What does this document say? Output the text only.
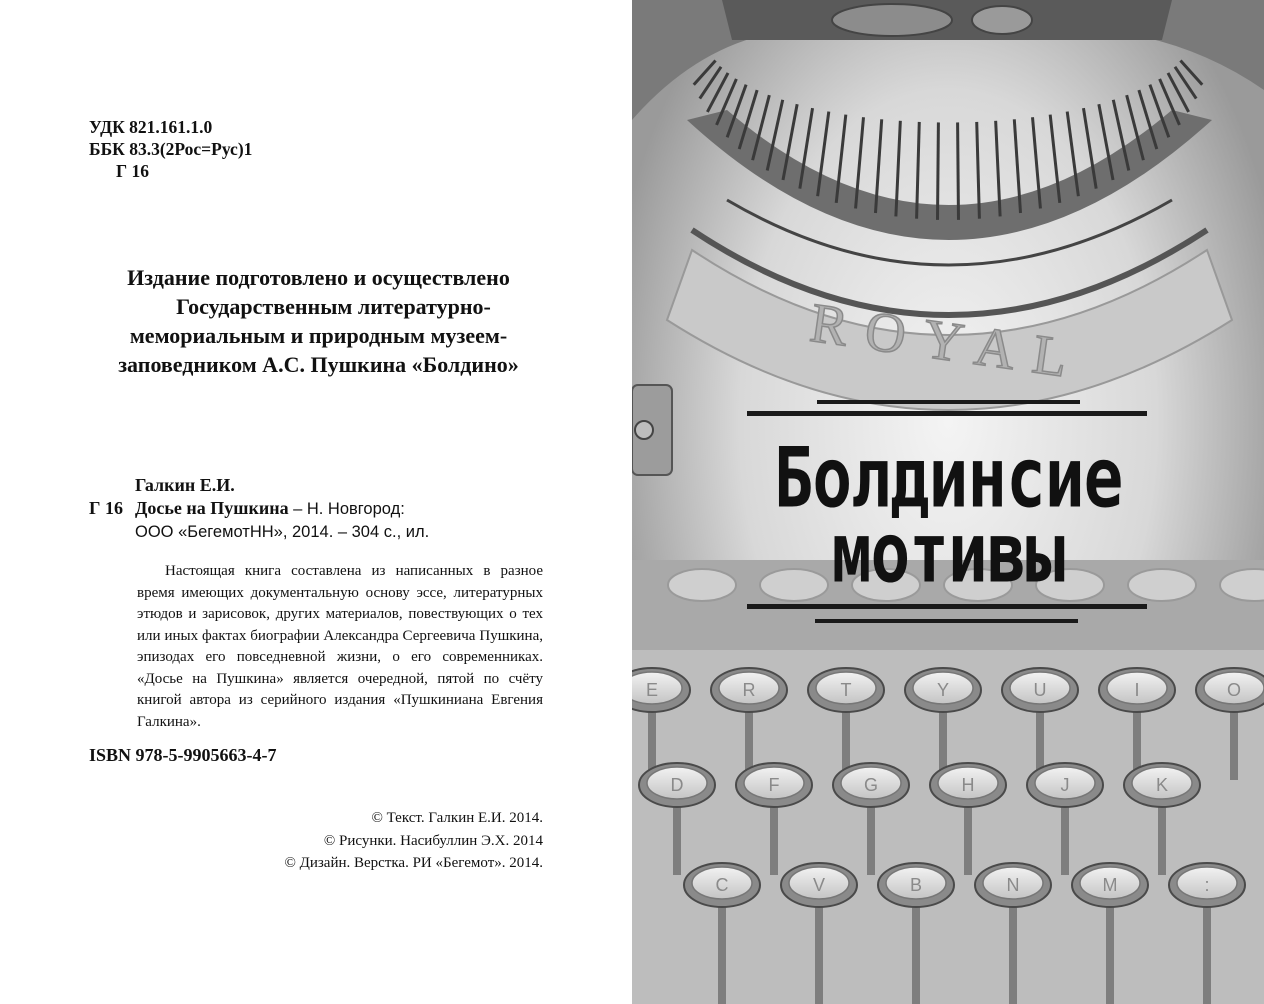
УДК 821.161.1.0
ББК 83.3(2Рос=Рус)1
Г 16
Издание подготовлено и осуществлено
Государственным литературно-
мемориальным и природным музеем-
заповедником А.С. Пушкина «Болдино»
Галкин Е.И.
Г 16 Досье на Пушкина – Н. Новгород:
ООО «БегемотНН», 2014. – 304 с., ил.
Настоящая книга составлена из написанных в разное время имеющих документальную основу эссе, литературных этюдов и зарисовок, других материалов, повествующих о тех или иных фактах биографии Александра Сергеевича Пушкина, эпизодах его повседневной жизни, о его современниках. «Досье на Пушкина» является очередной, пятой по счёту книгой автора из серийного издания «Пушкиниана Евгения Галкина».
ISBN 978-5-9905663-4-7
© Текст. Галкин Е.И. 2014.
© Рисунки. Насибуллин Э.Х. 2014
© Дизайн. Верстка. РИ «Бегемот». 2014.
ROYAL
E	R	T	Y	U	I	O
D	F	G	H	J	K
C	V	B	N	M	:
Болдинсие
мотивы
